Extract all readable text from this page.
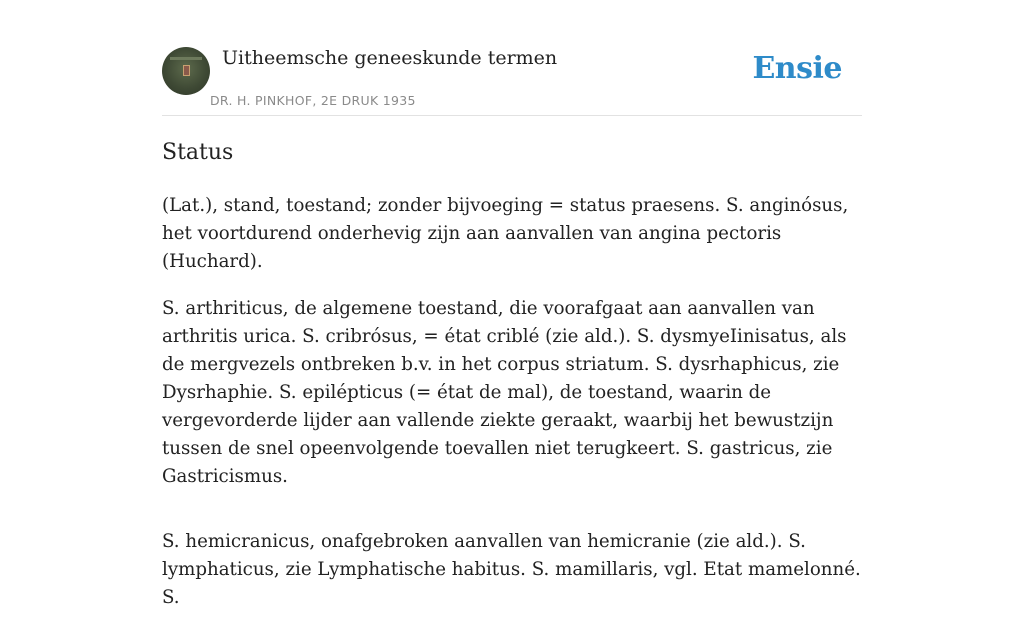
Uitheemsche geneeskunde termen
DR. H. PINKHOF, 2E DRUK 1935
Ensie
Status

(Lat.), stand, toestand; zonder bijvoeging = status praesens. S. anginósus, het voortdurend onderhevig zijn aan aanvallen van angina pectoris (Huchard).

S. arthriticus, de algemene toestand, die voorafgaat aan aanvallen van arthritis urica. S. cribrósus, = état criblé (zie ald.). S. dysmyeIinisatus, als de mergvezels ontbreken b.v. in het corpus striatum. S. dysrhaphicus, zie Dysrhaphie. S. epilépticus (= état de mal), de toestand, waarin de vergevorderde lijder aan vallende ziekte geraakt, waarbij het bewustzijn tussen de snel opeenvolgende toevallen niet terugkeert. S. gastricus, zie Gastricismus.

S. hemicranicus, onafgebroken aanvallen van hemicranie (zie ald.). S. lymphaticus, zie Lymphatische habitus. S. mamillaris, vgl. Etat mamelonné. S.
